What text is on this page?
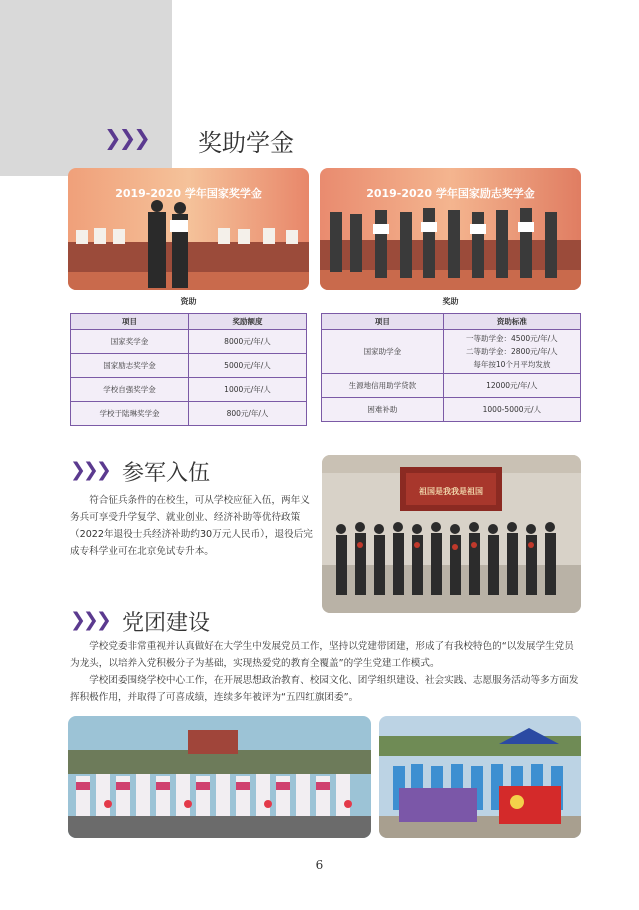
❯❯❯ 奖助学金
2019-2020 学年国家奖学金	2019-2020 学年国家励志奖学金
资助	奖助
项目	奖励额度
国家奖学金	8000元/年/人
国家励志奖学金	5000元/年/人
学校自强奖学金	1000元/年/人
学校于陆琳奖学金	800元/年/人
项目	资助标准
国家助学金	一等助学金：4500元/年/人
二等助学金：2800元/年/人
每年按10个月平均发放

生源地信用助学贷款	12000元/年/人
困难补助	1000-5000元/人
❯❯❯ 参军入伍
符合征兵条件的在校生，可从学校应征入伍，两年义务兵可享受升学复学、就业创业、经济补助等优待政策（2022年退役士兵经济补助约30万元人民币），退役后完成专科学业可在北京免试专升本。
祖国是我我是祖国
❯❯❯ 党团建设
学校党委非常重视并认真做好在大学生中发展党员工作，坚持以党建带团建，形成了有我校特色的“以发展学生党员为龙头，以培养入党积极分子为基础，实现热爱党的教育全覆盖”的学生党建工作模式。
学校团委围绕学校中心工作，在开展思想政治教育、校园文化、团学组织建设、社会实践、志愿服务活动等多方面发挥积极作用，并取得了可喜成绩，连续多年被评为“五四红旗团委”。
6
